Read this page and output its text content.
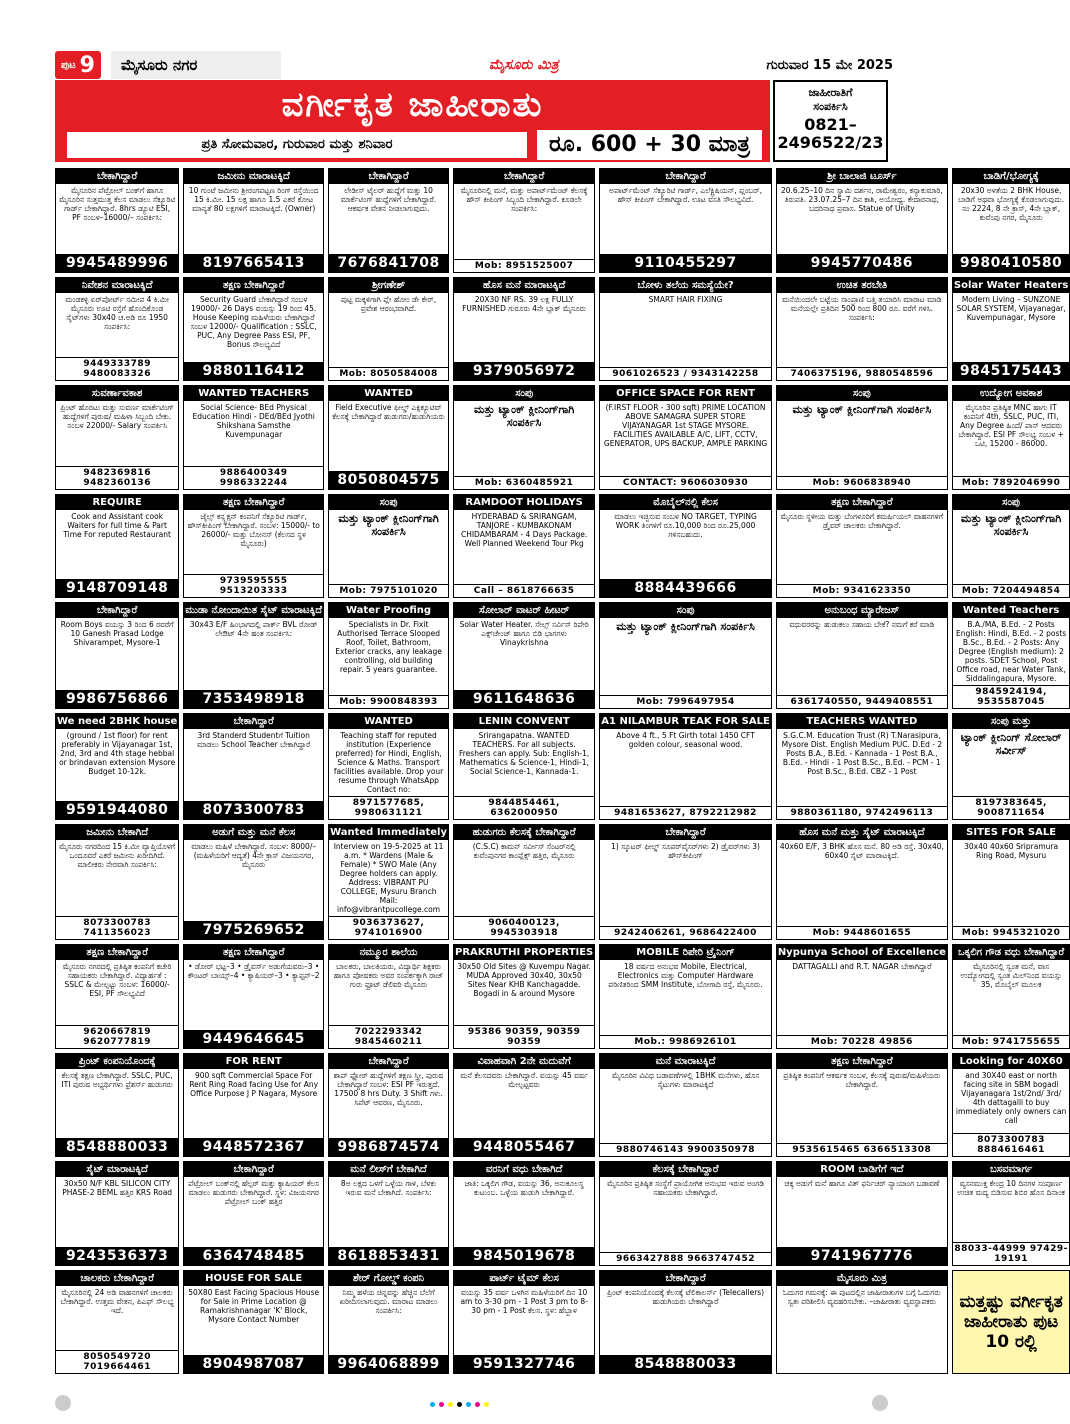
ಪುಟ 9	ಮೈಸೂರು ನಗರ	ಮೈಸೂರು ಮಿತ್ರ	ಗುರುವಾರ 15 ಮೇ 2025
ವರ್ಗೀಕೃತ ಜಾಹೀರಾತು
ಪ್ರತಿ ಸೋಮವಾರ, ಗುರುವಾರ ಮತ್ತು ಶನಿವಾರ	ರೂ. 600 + 30 ಮಾತ್ರ
ಜಾಹೀರಾತಿಗೆ
ಸಂಪರ್ಕಿಸಿ
0821–2496522/23
ಬೇಕಾಗಿದ್ದಾರೆ
ಮೈಸೂರಿನ ಪೆಟ್ರೋಲ್ ಬಂಕ್‌ಗೆ ಹಾಗೂ ಮೈಸೂರಿನ ಸುತ್ತಮುತ್ತ ಕೆಲಸ ಮಾಡಲು ಸೆಕ್ಯೂರಿಟಿ ಗಾರ್ಡ್ ಬೇಕಾಗಿದ್ದಾರೆ. 8hrs ಡ್ಯೂಟಿ ESI, PF ಸಂಬಳ–16000/– ಸಂಪರ್ಕಿಸಿ:
9945489996
ಜಮೀನು ಮಾರಾಟಕ್ಕಿದೆ
10 ಗುಂಟೆ ಜಮೀನು ಶ್ರೀರಂಗಪಟ್ಟಣ ರಿಂಗ್ ರಸ್ತೆಯಿಂದ 15 ಕಿ.ಮೀ. 15 ಲಕ್ಷ ಹಾಗೂ 1.5 ಎಕರೆ ಕೋಟ ಮಾನ್ಯತೆ 80 ಲಕ್ಷಗಳಿಗೆ ಮಾರಾಟಕ್ಕಿದೆ. (Owner)
8197665413
ಬೇಕಾಗಿದ್ದಾರೆ
ಲೇಡೀಸ್ ಟೈಲರ್ ಹುದ್ದೆಗೆ ಮತ್ತು 10 ಮಾರ್ಕೆಟಿಂಗ್ ಹುದ್ದೆಗಳಿಗೆ ಬೇಕಾಗಿದ್ದಾರೆ. ಆಕರ್ಷಕ ವೇತನ ನೀಡಲಾಗುವುದು.
7676841708
ಬೇಕಾಗಿದ್ದಾರೆ
ಮೈಸೂರಿನಲ್ಲಿ ಮನೆ, ಮತ್ತು ಅಪಾರ್ಟ್‌ಮೆಂಟ್ ಕೆಲಸಕ್ಕೆ ಹೌಸ್ ಕೀಪಿಂಗ್ ಸಿಬ್ಬಂದಿ ಬೇಕಾಗಿದ್ದಾರೆ. ಕೂಡಲೇ ಸಂಪರ್ಕಿಸಿ:
Mob: 8951525007
ಬೇಕಾಗಿದ್ದಾರೆ
ಅಪಾರ್ಟ್‌ಮೆಂಟ್ ಸೆಕ್ಯೂರಿಟಿ ಗಾರ್ಡ್, ಎಲೆಕ್ಟ್ರಿಷಿಯನ್, ಪ್ಲಂಬರ್, ಹೌಸ್ ಕೀಪಿಂಗ್ ಬೇಕಾಗಿದ್ದಾರೆ. ಊಟ ವಸತಿ ಸೌಲಭ್ಯವಿದೆ.
9110455297
ಶ್ರೀ ಬಾಲಾಜಿ ಟೂರ್ಸ್
20.6.25–10 ದಿನ ಸ್ವಾಮಿ ದರ್ಶನ, ರಾಮೇಶ್ವರಂ, ಕನ್ಯಾಕುಮಾರಿ, ತಿರುಪತಿ. 23.07.25–7 ದಿನ ಕಾಶಿ, ಅಯೋಧ್ಯ. ಕೇದಾರನಾಥ, ಬದರಿನಾಥ ಪ್ರವಾಸ. Statue of Unity
9945770486
ಬಾಡಿಗೆ/ಭೋಗ್ಯಕ್ಕೆ
20x30 ಅಳತೆಯ 2 BHK House, ಬಾಡಿಗೆ ಅಥವಾ ಭೋಗ್ಯಕ್ಕೆ ಕೊಡಲಾಗುವುದು. ನಂ 2224, 8 ನೇ ಕ್ರಾಸ್, 4ನೇ ಬ್ಲಾಕ್, ಕುವೆಂಪು ನಗರ, ಮೈಸೂರು
9980410580
ನಿವೇಶನ ಮಾರಾಟಕ್ಕಿದೆ
ಮಂಡಕಳ್ಳಿ ಏರ್‌ಪೋರ್ಟ್ ಸಮೀಪ 4 ಕಿ.ಮೀ ಮೈಸೂರು ಊಟಿ ರಸ್ತೆಗೆ ಹೊಂದಿಕೊಂಡ ಸೈಟ್‌ಗಳು 30x40 ಚ.ಅಡಿ ರೂ 1950 ಸಂಪರ್ಕಿಸಿ:
9449333789 9480083326
ತಕ್ಷಣ ಬೇಕಾಗಿದ್ದಾರೆ
Security Guard ಬೇಕಾಗಿದ್ದಾರೆ ಸಂಬಳ 19000/- 26 Days ವಯಸ್ಸು 19 ರಿಂದ 45. House Keeping ಮಹಿಳೆಯರು ಬೇಕಾಗಿದ್ದಾರೆ ಸಂಬಳ 12000/- Qualification : SSLC, PUC, Any Degree Pass ESI, PF, Bonus ಸೌಲಭ್ಯವಿದೆ
9880116412
ಶ್ರೀಗಣೇಶ್
ಪುಟ್ಟ ಮಕ್ಕಳಿಗಾಗಿ ಪ್ಲೇ ಹೋಂ ಡೇ ಕೇರ್, ಪ್ರವೇಶ ಆರಂಭವಾಗಿದೆ.
Mob: 8050584008
ಹೊಸ ಮನೆ ಮಾರಾಟಕ್ಕಿದೆ
20X30 NF RS. 39 ಲಕ್ಷ FULLY FURNISHED ಗುರೂರು 4ನೇ ಬ್ಲಾಕ್ ಮೈಸೂರು
9379056972
ಬೋಳು ತಲೆಯ ಸಮಸ್ಯೆಯೇ?
SMART HAIR FIXING
9061026523 / 9343142258
ಉಚಿತ ತರಬೇತಿ
ಮನೆಯಿಂದಲೇ ಬಟ್ಟೆಯ ಸಾಂಪ್ರಾಣಿ ಬತ್ತಿ ತಯಾರಿಸಿ ಮಾರಾಟ ಮಾಡಿ ಮನೆಯಲ್ಲೇ ಪ್ರತಿದಿನ 500 ರಿಂದ 800 ರೂ. ವರೆಗೆ ಗಳಿಸಿ. ಸಂಪರ್ಕಿಸಿ:
7406375196, 9880548596
Solar Water Heaters
Modern Living – SUNZONE SOLAR SYSTEM, Vijayanagar, Kuvempunagar, Mysore
9845175443
ಸುವರ್ಣಾವಕಾಶ
ಪ್ರಿಂಟ್ ಹೊರಟು ಮತ್ತು ಸುವರ್ಣ ಮಾರ್ಕೆಟಿಂಗ್ ಹುದ್ದೆಗಳಿಗೆ ಪುರುಷ/ ಮಹಿಳಾ ಸಿಬ್ಬಂದಿ ಬೇಕು. ಸಂಬಳ 22000/- Salary ಸಂಪರ್ಕಿಸಿ
9482369816 9482360136
WANTED TEACHERS
Social Science- BEd Physical Education Hindi - DEd/BEd Jyothi Shikshana Samsthe Kuvempunagar
9886400349 9986332244
WANTED
Field Executive ಫೀಲ್ಡ್ ಎಕ್ಸಿಕ್ಯೂಟಿವ್ ಕೆಲಸಕ್ಕೆ ಬೇಕಾಗಿದ್ದಾರೆ ಹುಡುಗರು/ಹುಡುಗಿಯರು
8050804575
ಸಂಪು
ಮತ್ತು ಟ್ಯಾಂಕ್ ಕ್ಲೀನಿಂಗ್‌ಗಾಗಿ ಸಂಪರ್ಕಿಸಿ
Mob: 6360485921
OFFICE SPACE FOR RENT
(F.IRST FLOOR - 300 sqft) PRIME LOCATION ABOVE SAMAGRA SUPER STORE VIJAYANAGAR 1st STAGE MYSORE. FACILITIES AVAILABLE A/C, LIFT, CCTV, GENERATOR, UPS BACKUP, AMPLE PARKING
CONTACT: 9606030930
ಸಂಪು
ಮತ್ತು ಟ್ಯಾಂಕ್ ಕ್ಲೀನಿಂಗ್‌ಗಾಗಿ ಸಂಪರ್ಕಿಸಿ
Mob: 9606838940
ಉದ್ಯೋಗ ಅವಕಾಶ
ಮೈಸೂರಿನ ಪ್ರತಿಷ್ಠಿತ MNC ಹಾಗು IT ಕಂಪನಿಗೆ 4th, SSLC, PUC, ITI, Any Degree ಹಿಂದೆ/ ಪಾಸ್ ಆದವರು ಬೇಕಾಗಿದ್ದಾರೆ. ESI PF ಸೌಲಭ್ಯ ಸಂಬಳ + ಒಟಿ, 15200 - 86000.
Mob: 7892046990
REQUIRE
Cook and Assistant cook Waiters for full time & Part Time For reputed Restaurant
9148709148
ತಕ್ಷಣ ಬೇಕಾಗಿದ್ದಾರೆ
ಜೈಲ್ಸ್ ಕನ್ಸ್ಟ್ರಕ್ಷನ್ ಕಂಪನಿಗೆ ಸೆಕ್ಯೂರಿಟಿ ಗಾರ್ಡ್, ಹೌಸ್‌ಕೀಪಿಂಗ್ ಬೇಕಾಗಿದ್ದಾರೆ. ಸಂಬಳ: 15000/- to 26000/- ಮತ್ತು ಬೋನಸ್ (ಕೆಲಸದ ಸ್ಥಳ ಮೈಸೂರು)
9739595555 9513203333
ಸಂಪು
ಮತ್ತು ಟ್ಯಾಂಕ್ ಕ್ಲೀನಿಂಗ್‌ಗಾಗಿ ಸಂಪರ್ಕಿಸಿ
Mob: 7975101020
RAMDOOT HOLIDAYS
HYDERABAD & SRIRANGAM, TANJORE - KUMBAKONAM CHIDAMBARAM - 4 Days Package. Well Planned Weekend Tour Pkg
Call – 8618766635
ಮೊಬೈಲ್‌ನಲ್ಲಿ ಕೆಲಸ
ಮಾಡಲು ಇಚ್ಛಿಸುವ ಸಂಬಳ NO TARGET, TYPING WORK ತಿಂಗಳಿಗೆ ರೂ.10,000 ರಿಂದ ರೂ.25,000 ಗಳಿಸಬಹುದು.
8884439666
ತಕ್ಷಣ ಬೇಕಾಗಿದ್ದಾರೆ
ಮೈಸೂರು ಸ್ಥಳೀಯ ಮತ್ತು ಬೆಂಗಳೂರಿಗೆ ಕಮರ್ಷಿಯಲ್ ವಾಹನಗಳಿಗೆ ಡ್ರೈವರ್ ಚಾಲಕರು ಬೇಕಾಗಿದ್ದಾರೆ.
Mob: 9341623350
ಸಂಪು
ಮತ್ತು ಟ್ಯಾಂಕ್ ಕ್ಲೀನಿಂಗ್‌ಗಾಗಿ ಸಂಪರ್ಕಿಸಿ
Mob: 7204494854
ಬೇಕಾಗಿದ್ದಾರೆ
Room Boys ವಯಸ್ಸು 3 ರಿಂದ 6 ರವರೆಗೆ 10 Ganesh Prasad Lodge Shivarampet, Mysore-1
9986756866
ಮುಡಾ ನೋಂದಾಯಿತ ಸೈಟ್ ಮಾರಾಟಕ್ಕಿದೆ
30x43 E/F ಹಿಂಭಾಗದಲ್ಲಿ ಪಾರ್ಕ್ BVL ರೋಡ್ ಲೇಔಟ್ 4ನೇ ಹಂತ ಸಂಪರ್ಕಿಸಿ:
7353498918
Water Proofing
Specialists in Dr. Fixit Authorised Terrace Slooped Roof, Toilet, Bathroom, Exterior cracks, any leakage controlling, old building repair. 5 years guarantee.
Mob: 9900848393
ಸೋಲಾರ್ ವಾಟರ್ ಹೀಟರ್
Solar Water Heater. ಸೇಲ್ಸ್ ಸರ್ವಿಸ್ ರಿಪೇರಿ ಎಕ್ಸ್‌ಚೇಂಜ್ ಹಾಗೂ ಬಿಡಿ ಭಾಗಗಳು Vinaykrishna
9611648636
ಸಂಪು
ಮತ್ತು ಟ್ಯಾಂಕ್ ಕ್ಲೀನಿಂಗ್‌ಗಾಗಿ ಸಂಪರ್ಕಿಸಿ
Mob: 7996497954
ಅನುಬಂಧ ಮ್ಯಾರೇಜಸ್
ವಧುವರರನ್ನು ಹುಡುಕಲು ಸಹಾಯ ಬೇಕೆ? ನಮಗೆ ಕರೆ ಮಾಡಿ
6361740550, 9449408551
Wanted Teachers
B.A./MA, B.Ed. - 2 Posts English: Hindi, B.Ed. - 2 posts B.Sc., B.Ed. - 2 Posts: Any Degree (English medium): 2 posts. SDET School, Post Office road, near Water Tank, Siddalingapura, Mysore.
9845924194, 9535587045
We need 2BHK house
(ground / 1st floor) for rent preferably in Vijayanagar 1st, 2nd, 3rd and 4th stage hebbal or brindavan extension Mysore Budget 10-12k.
9591944080
ಬೇಕಾಗಿದ್ದಾರೆ
3rd Standerd Studentಗೆ Tuition ಮಾಡಲು School Teacher ಬೇಕಾಗಿದ್ದಾರೆ
8073300783
WANTED
Teaching staff for reputed institution (Experience preferred) for Hindi, English, Science & Maths. Transport facilities available. Drop your resume through WhatsApp Contact no:
8971577685, 9980631121
LENIN CONVENT
Srirangapatna. WANTED TEACHERS. For all subjects. Freshers can apply. Sub: English-1, Mathematics & Science-1, Hindi-1, Social Science-1, Kannada-1.
9844854461, 6362000950
A1 NILAMBUR TEAK FOR SALE
Above 4 ft., 5 Ft Girth total 1450 CFT golden colour, seasonal wood.
9481653627, 8792212982
TEACHERS WANTED
S.G.C.M. Education Trust (R) T.Narasipura, Mysore Dist. English Medium PUC. D.Ed - 2 Posts B.A., B.Ed. - Kannada - 1 Post B.A., B.Ed. - Hindi - 1 Post B.Sc., B.Ed. - PCM - 1 Post B.Sc., B.Ed. CBZ - 1 Post
9880361180, 9742496113
ಸಂಪು ಮತ್ತು
ಟ್ಯಾಂಕ್ ಕ್ಲೀನಿಂಗ್ ಸೋಲಾರ್ ಸರ್ವೀಸ್
8197383645, 9008711654
ಜಮೀನು ಬೇಕಾಗಿದೆ
ಮೈಸೂರು ನಗರದಿಂದ 15 ಕಿ.ಮೀ ವ್ಯಾಪ್ತಿಯೊಳಗೆ ಒಂದೂವರೆ ಎಕರೆ ಜಮೀನು ಖರೀದಿಗಿದೆ. ಮಾಲೀಕರು ನೇರವಾಗಿ ಸಂಪರ್ಕಿಸಿ:
8073300783 7411356023
ಅಡುಗೆ ಮತ್ತು ಮನೆ ಕೆಲಸ
ಮಾಡಲು ಮಹಿಳೆ ಬೇಕಾಗಿದ್ದಾರೆ. ಸಂಬಳ: 8000/– (ಮಹಿಳೆಯರಿಗೆ ಆದ್ಯತೆ) 4ನೇ ಕ್ರಾಸ್ ವಿಜಯನಗರ, ಮೈಸೂರು
7975269652
Wanted Immediately
Interview on 19-5-2025 at 11 a.m. * Wardens (Male & Female) * SWO Male (Any Degree holders can apply. Address: VIBRANT PU COLLEGE, Mysuru Branch Mail: info@vibrantpucollege.com
9036373627, 9741016900
ಹುಡುಗರು ಕೆಲಸಕ್ಕೆ ಬೇಕಾಗಿದ್ದಾರೆ
(C.S.C) ಕಾಮನ್ ಸರ್ವೀಸ್ ಸೆಂಟರ್‌ನಲ್ಲಿ ಕುವೆಂಪುನಗರ ಕಾಂಪ್ಲೆಕ್ಸ್ ಹತ್ತಿರ, ಮೈಸೂರು
9060400123, 9945303918
ಬೇಕಾಗಿದ್ದಾರೆ
1) ಸ್ಕೂಟರ್ ಫೀಲ್ಡ್ ಸೂಪರ್‌ವೈಸರ್‌ಗಳು 2) ಡ್ರೈವರ್‌ಗಳು 3) ಹೌಸ್‌ಕೀಪಿಂಗ್
9242406261, 9686422400
ಹೊಸ ಮನೆ ಮತ್ತು ಸೈಟ್ ಮಾರಾಟಕ್ಕಿದೆ
40x60 E/F, 3 BHK ಹೊಸ ಮನೆ. 80 ಅಡಿ ರಸ್ತೆ. 30x40, 60x40 ಸೈಟ್ ಮಾರಾಟಕ್ಕಿದೆ.
Mob: 9448601655
SITES FOR SALE
30x40 40x60 Sripramura Ring Road, Mysuru
Mob: 9945321020
ತಕ್ಷಣ ಬೇಕಾಗಿದ್ದಾರೆ
ಮೈಸೂರು ನಗರದಲ್ಲಿ ಪ್ರತಿಷ್ಠಿತ ಕಂಪನಿಗೆ ಕಚೇರಿ ಸಹಾಯಕರು ಬೇಕಾಗಿದ್ದಾರೆ. ವಿದ್ಯಾರ್ಹತೆ : SSLC & ಮೇಲ್ಪಟ್ಟು ಸಂಬಳ: 16000/- ESI, PF ಸೌಲಭ್ಯವಿದೆ
9620667819 9620777819
ತಕ್ಷಣ ಬೇಕಾಗಿದ್ದಾರೆ
• ಡೋರ್ ಭಟ್ಟ–3 • ಡ್ರೈವರ್ಸ್ ಅಡುಗೆಯವರು–3 • ಕೌಂಟರ್ ಬಾಯ್ಸ್–4 • ಕ್ಯಾಷಿಯರ್–3 • ಕ್ಯಾಪ್ಟನ್–2
9449646645
ನಮ್ಮೂರ ಶಾಲೆಯ
ಬಾಲಕರು, ಬಾಲಕಿಯರು, ವಿದ್ಯಾರ್ಥಿ ಶಿಕ್ಷಕರು ಹಾಗೂ ಪೋಷಕರು ಅವರ ಸಂಪರ್ಕಕ್ಕಾಗಿ ರಾಜ್ ಗುರು ಫ್ರೂಟ್ ಡೆಲಿವರಿ ಮೈಸೂರು
7022293342 9845460211
PRAKRUTHI PROPERTIES
30x50 Old Sites @ Kuvempu Nagar. MUDA Approved 30x40, 30x50 Sites Near KHB Kanchagadde. Bogadi in & around Mysore
95386 90359, 90359 90359
MOBILE ರಿಪೇರಿ ಟ್ರೈನಿಂಗ್
18 ವರ್ಷದ ಅನುಭವ Mobile, Electrical, Electronics ಮತ್ತು Computer Hardware ಪರಿಣಿತರಿಂದ SMM Institute, ಬೋಗಾದಿ ರಸ್ತೆ, ಮೈಸೂರು.
Mob.: 9986926101
Nypunya School of Excellence
DATTAGALLI and R.T. NAGAR ಬೇಕಾಗಿದ್ದಾರೆ
Mob: 70228 49856
ಒಕ್ಕಲಿಗ ಗೌಡ ವಧು ಬೇಕಾಗಿದ್ದಾರೆ
ಮೈಸೂರಿನಲ್ಲಿ ಸ್ವಂತ ಮನೆ, ವಾಸ ಉದ್ಯೋಗದಲ್ಲಿ ಸ್ವಂತ ಮಿಲ್‌ನಿಂದ ವಯಸ್ಸು 35, ಮೊಬೈಲ್ ಮೂಲಕ
Mob: 9741755655
ಪ್ರಿಂಟ್ ಕಂಪನಿಯೊಂದಕ್ಕೆ
ಕೆಲಸಕ್ಕೆ ತಕ್ಷಣ ಬೇಕಾಗಿದ್ದಾರೆ. SSLC, PUC, ITI ಪುರುಷ ಅಭ್ಯರ್ಥಿಗಳು ಫ್ರೆಶರ್ಸ್ ಹುಡುಗರು
8548880033
FOR RENT
900 sqft Commercial Space For Rent Ring Road facing Use for Any Office Purpose J P Nagara, Mysore
9448572367
ಬೇಕಾಗಿದ್ದಾರೆ
ಶಾಪ್ ಫ್ಲೋರ್ ಹುದ್ದೆಗಳಿಗೆ ತಕ್ಷಣ ಸ್ತ್ರೀ, ಪುರುಷ ಬೇಕಾಗಿದ್ದಾರೆ ಸಂಬಳ: ESI PF ಇರುತ್ತದೆ. 17500 8 hrs Duty. 3 Shift ಗಳು. ಸಿಪೆಟ್ ಆವರಣ, ಮೈಸೂರು.
9986874574
ವಿವಾಹವಾಗಿ 2ನೇ ಮದುವೆಗೆ
ಮನೆ ಕೆಲಸದವರು ಬೇಕಾಗಿದ್ದಾರೆ. ವಯಸ್ಸು 45 ವರ್ಷ ಮೇಲ್ಪಟ್ಟವರು
9448055467
ಮನೆ ಮಾರಾಟಕ್ಕಿದೆ
ಮೈಸೂರಿನ ವಿವಿಧ ಬಡಾವಣೆಗಳಲ್ಲಿ 1BHK ಮನೆಗಳು, ಹೊಸ ಸೈಟುಗಳು ಮಾರಾಟಕ್ಕಿದೆ
9880746143 9900350978
ತಕ್ಷಣ ಬೇಕಾಗಿದ್ದಾರೆ
ಪ್ರತಿಷ್ಠಿತ ಕಂಪನಿಗೆ ಆಕರ್ಷಕ ಸಂಬಳ, ಕೆಲಸಕ್ಕೆ ಪುರುಷ/ಮಹಿಳೆಯರು ಬೇಕಾಗಿದ್ದಾರೆ.
9535615465 6366513308
Looking for 40X60
and 30X40 east or north facing site in SBM bogadi Vijayanagara 1st/2nd/ 3rd/ 4th dattagalli to buy immediately only owners can call
8073300783 8884616461
ಸೈಟ್ ಮಾರಾಟಕ್ಕಿದೆ
30x50 N/F KBL SILICON CITY PHASE-2 BEML ಹತ್ತಿರ KRS Road
9243536373
ಬೇಕಾಗಿದ್ದಾರೆ
ಪೆಟ್ರೋಲ್ ಬಂಕ್‌ನಲ್ಲಿ ಹೆಲ್ಪರ್ ಮತ್ತು ಕ್ಯಾಷಿಯರ್ ಕೆಲಸ ಮಾಡಲು ಹುಡುಗರು ಬೇಕಾಗಿದ್ದಾರೆ. ಸ್ಥಳ: ವಿಜಯನಗರ ಪೆಟ್ರೋಲ್ ಬಂಕ್ ಹತ್ತಿರ
6364748485
ಮನೆ ಲೀಸ್‌ಗೆ ಬೇಕಾಗಿದೆ
8ಅ ಲಕ್ಷದ ಒಳಗೆ ಒಳ್ಳೆಯ ಗಾಳಿ, ಬೆಳಕು ಇರುವ ಮನೆ ಬೇಕಾಗಿದೆ. ಸಂಪರ್ಕಿಸಿ:
8618853431
ವರನಿಗೆ ವಧು ಬೇಕಾಗಿದೆ
ಜಾತಿ: ಒಕ್ಕಲಿಗ ಗೌಡ, ವಯಸ್ಸು 36, ಅನುಕೂಲಸ್ಥ ಕುಟುಂಬ. ಒಳ್ಳೆಯ ಹುಡುಗಿ ಬೇಕಾಗಿದ್ದಾರೆ.
9845019678
ಕೆಲಸಕ್ಕೆ ಬೇಕಾಗಿದ್ದಾರೆ
ಮೈಸೂರಿನ ಪ್ರತಿಷ್ಠಿತ ಸಂಸ್ಥೆಗೆ ಪ್ರಾಯೋಗಿಕ ಅನುಭವ ಇರುವ ಅಂಗಡಿ ಸಹಾಯಕರು ಬೇಕಾಗಿದ್ದಾರೆ.
9663427888 9663747452
ROOM ಬಾಡಿಗೆಗೆ ಇದೆ
ಚಿಕ್ಕ ಅಡುಗೆ ಮನೆ ಹಾಗೂ ವಿತ್ ಫರ್ನಿಚರ್ ನ್ಯಾಯಾಂಗ ಬಡಾವಣೆ
9741967776
ಬಸವಮಾರ್ಗ
ವ್ಯಸನಮುಕ್ತ ಕೇಂದ್ರ 10 ದಿನಗಳ ಸಂಪೂರ್ಣ ಉಚಿತ ಮದ್ಯ ಬಿಡಿಸುವ ಶಿಬಿರ ಹೊಸ ದಿನಾಂಕ
88033-44999 97429-19191
ಚಾಲಕರು ಬೇಕಾಗಿದ್ದಾರೆ
ಮೈಸೂರಿನಲ್ಲಿ 24 ಅಡಿ ವಾಹನಗಳಿಗೆ ಚಾಲಕರು ಬೇಕಾಗಿದ್ದಾರೆ. ಉತ್ತಮ ವೇತನ, ಪಿಎಫ್ ಸೌಲಭ್ಯ ಇದೆ.
8050549720 7019664461
HOUSE FOR SALE
50X80 East Facing Spacious House for Sale in Prime Location @ Ramakrishnanagar 'K' Block, Mysore Contact Number
8904987087
ಶೇರ್ ಗೋಲ್ಡ್ ಕಂಪನಿ
ನಿಮ್ಮ ಹಳೆಯ ಚಿನ್ನವನ್ನು ಹೆಚ್ಚಿನ ಬೆಲೆಗೆ ಖರೀದಿಸಲಾಗುವುದು. ಮಾರಾಟ ಮಾಡಲು ಸಂಪರ್ಕಿಸಿ:
9964068899
ಪಾರ್ಟ್ ಟೈಮ್ ಕೆಲಸ
ವಯಸ್ಸು 35 ವರ್ಷ ಒಳಗಿನ ಮಹಿಳೆಯರಿಗೆ ದಿನ 10 am to 3-30 pm - 1 Post 3 pm to 8-30 pm - 1 Post ಕೆಲಸ. ಸ್ಥಳ: ಹೆಬ್ಬಾಳ
9591327746
ಬೇಕಾಗಿದ್ದಾರೆ
ಪ್ರಿಂಟ್ ಕಂಪನಿಯೊಂದಕ್ಕೆ ಕೆಲಸಕ್ಕೆ ಟೆಲಿಕಾಲರ್ಸ್ (Telecallers) ಹುಡುಗಿಯರು ಬೇಕಾಗಿದ್ದಾರೆ
8548880033
ಮೈಸೂರು ಮಿತ್ರ
ಓದುಗರ ಗಮನಕ್ಕೆ: ಈ ಪುಟದಲ್ಲಿನ ಜಾಹೀರಾತುಗಳ ಬಗ್ಗೆ ಓದುಗರು ಸ್ವತಃ ಪರಿಶೀಲಿಸಿ ವ್ಯವಹರಿಸಬೇಕು. –ಜಾಹೀರಾತು ವ್ಯವಸ್ಥಾಪಕರು	ಮತ್ತಷ್ಟು ವರ್ಗೀಕೃತ ಜಾಹೀರಾತು ಪುಟ 10 ರಲ್ಲಿ
